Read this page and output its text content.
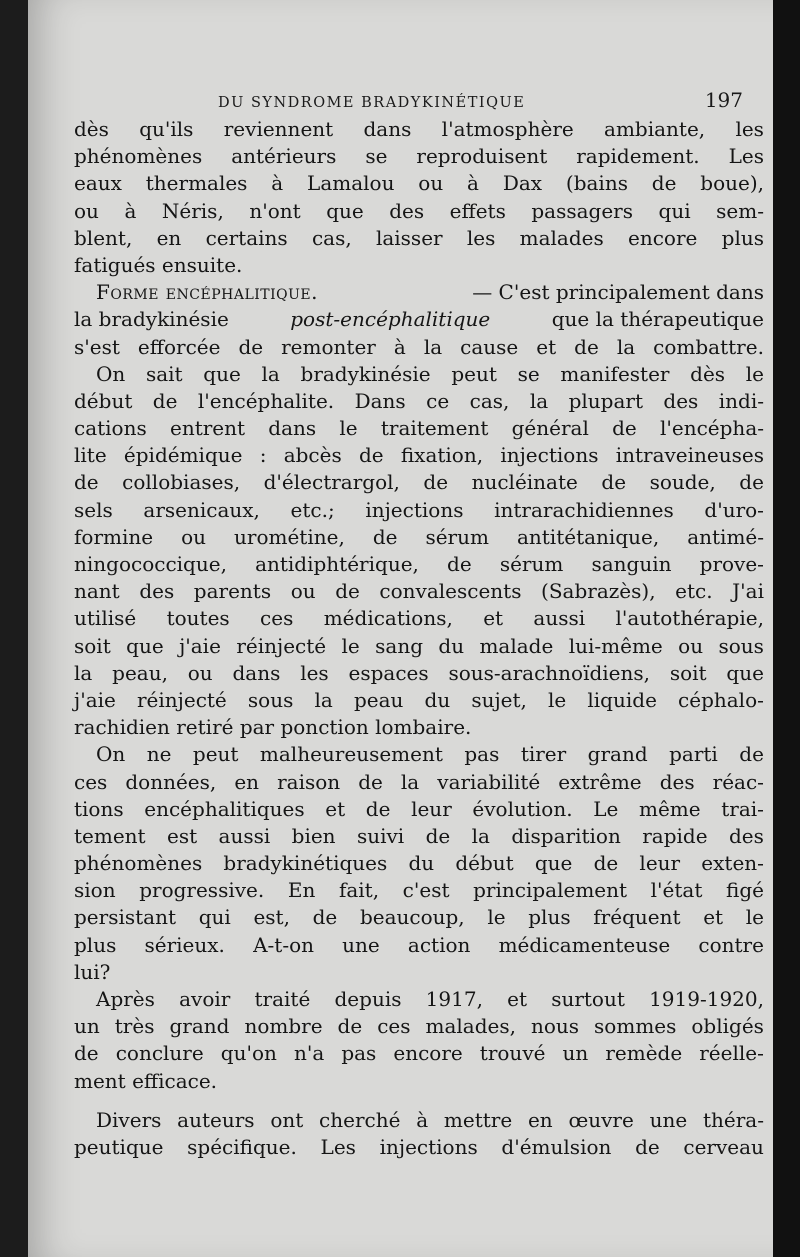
DU SYNDROME BRADYKINÉTIQUE	197
dès qu'ils reviennent dans l'atmosphère ambiante, les
phénomènes antérieurs se reproduisent rapidement. Les
eaux thermales à Lamalou ou à Dax (bains de boue),
ou à Néris, n'ont que des effets passagers qui sem-
blent, en certains cas, laisser les malades encore plus
fatigués ensuite.
Forme encéphalitique.	— C'est principalement dans
la bradykinésie	post-encéphalitique	que la thérapeutique
s'est efforcée de remonter à la cause et de la combattre.
On sait que la bradykinésie peut se manifester dès le
début de l'encéphalite. Dans ce cas, la plupart des indi-
cations entrent dans le traitement général de l'encépha-
lite épidémique : abcès de fixation, injections intraveineuses
de collobiases, d'électrargol, de nucléinate de soude, de
sels arsenicaux, etc.; injections intrarachidiennes d'uro-
formine ou urométine, de sérum antitétanique, antimé-
ningococcique, antidiphtérique, de sérum sanguin prove-
nant des parents ou de convalescents (Sabrazès), etc. J'ai
utilisé toutes ces médications, et aussi l'autothérapie,
soit que j'aie réinjecté le sang du malade lui-même ou sous
la peau, ou dans les espaces sous-arachnoïdiens, soit que
j'aie réinjecté sous la peau du sujet, le liquide céphalo-
rachidien retiré par ponction lombaire.
On ne peut malheureusement pas tirer grand parti de
ces données, en raison de la variabilité extrême des réac-
tions encéphalitiques et de leur évolution. Le même trai-
tement est aussi bien suivi de la disparition rapide des
phénomènes bradykinétiques du début que de leur exten-
sion progressive. En fait, c'est principalement l'état figé
persistant qui est, de beaucoup, le plus fréquent et le
plus sérieux. A-t-on une action médicamenteuse contre
lui?
Après avoir traité depuis 1917, et surtout 1919-1920,
un très grand nombre de ces malades, nous sommes obligés
de conclure qu'on n'a pas encore trouvé un remède réelle-
ment efficace.
Divers auteurs ont cherché à mettre en œuvre une théra-
peutique spécifique. Les injections d'émulsion de cerveau
